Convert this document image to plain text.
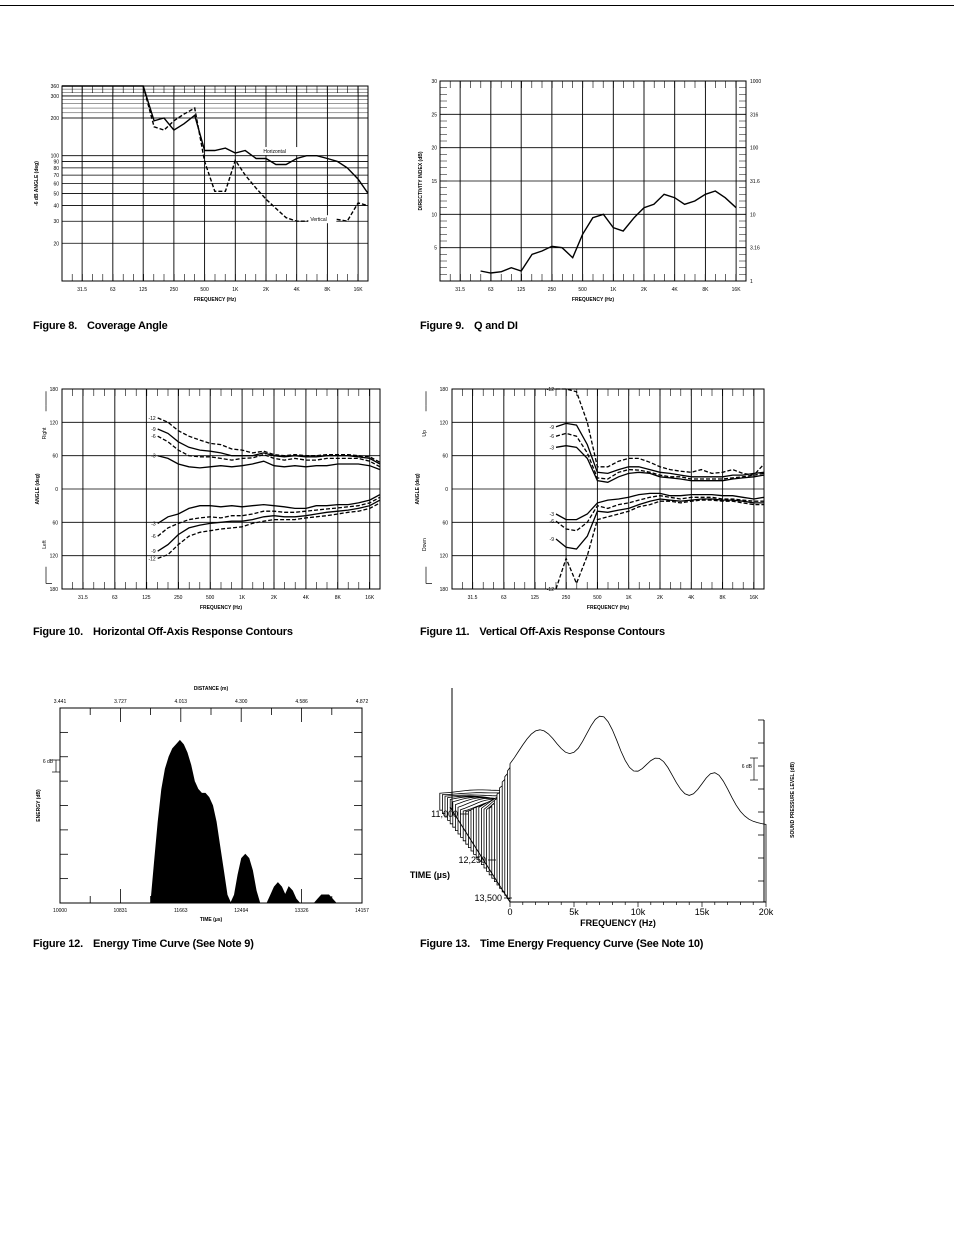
31.5	63	125	250	500	1K	2K	4K	8K	16K
FREQUENCY (Hz)
360
300
200
100
90
80
70
60
50
40
30
20
-6 dB ANGLE (deg)
Horizontal
Vertical
Figure 8. Coverage Angle
31.5	63	125	250	500	1K	2K	4K	8K	16K
FREQUENCY (Hz)
5
10
15
20
25
30
1
3.16
10
31.6
100
316
1000
DIRECTIVITY INDEX (dB)
Figure 9. Q and DI
31.5	63	125	250	500	1K	2K	4K	8K	16K
FREQUENCY (Hz)
180
120
60
0
60
120
180
ANGLE (deg)
Right
Left
-12
-12
-9
-9
-6
-6
-3
-3
Figure 10. Horizontal Off-Axis Response Contours
31.5	63	125	250	500	1K	2K	4K	8K	16K
FREQUENCY (Hz)
180
120
60
0
60
120
180
ANGLE (deg)
Up
Down
-12
-12
-9
-9
-6
-6
-3
-3
Figure 11. Vertical Off-Axis Response Contours
10000
3.441
10831
3.727
11663
4.013
12494
4.300
13326
4.586
14157
4.872
DISTANCE (m)
TIME (µs)
ENERGY (dB)
6 dB
Figure 12. Energy Time Curve (See Note 9)
0	5k	10k	15k	20k
FREQUENCY (Hz)
11,000
12,250
13,500
TIME (µs)
6 dB	SOUND PRESSURE LEVEL (dB)
Figure 13. Time Energy Frequency Curve (See Note 10)
